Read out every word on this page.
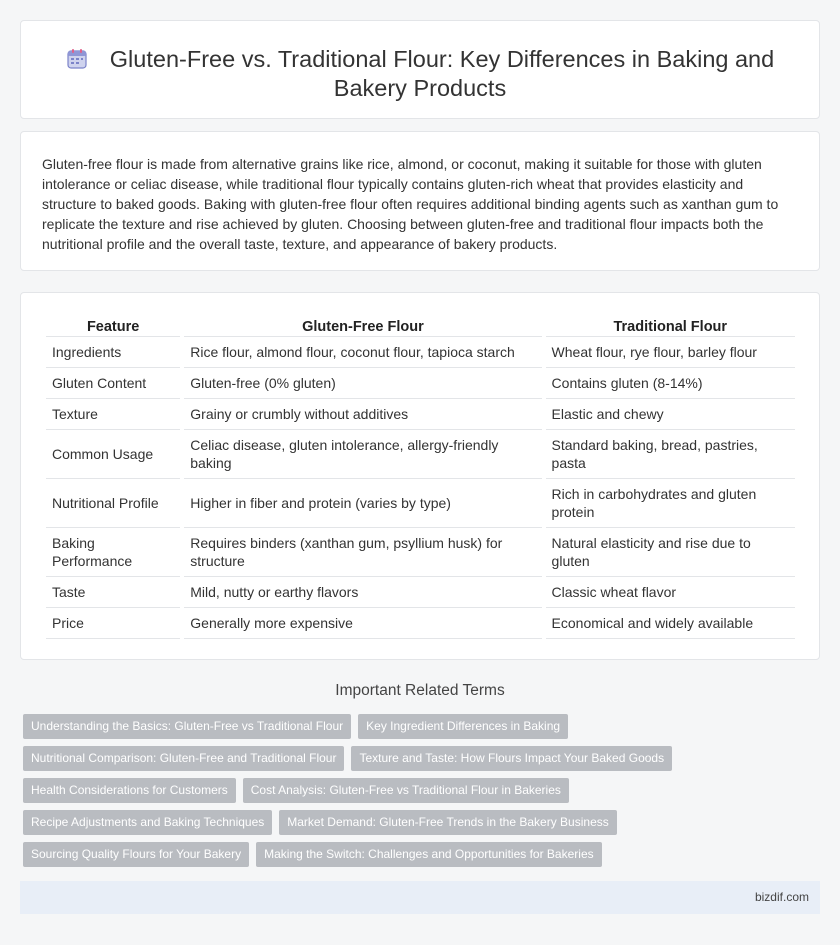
Gluten-Free vs. Traditional Flour: Key Differences in Baking and Bakery Products

Gluten-free flour is made from alternative grains like rice, almond, or coconut, making it suitable for those with gluten intolerance or celiac disease, while traditional flour typically contains gluten-rich wheat that provides elasticity and structure to baked goods. Baking with gluten-free flour often requires additional binding agents such as xanthan gum to replicate the texture and rise achieved by gluten. Choosing between gluten-free and traditional flour impacts both the nutritional profile and the overall taste, texture, and appearance of bakery products.

Feature	Gluten-Free Flour	Traditional Flour
Ingredients	Rice flour, almond flour, coconut flour, tapioca starch	Wheat flour, rye flour, barley flour
Gluten Content	Gluten-free (0% gluten)	Contains gluten (8-14%)
Texture	Grainy or crumbly without additives	Elastic and chewy
Common Usage	Celiac disease, gluten intolerance, allergy-friendly baking	Standard baking, bread, pastries, pasta
Nutritional Profile	Higher in fiber and protein (varies by type)	Rich in carbohydrates and gluten protein
Baking Performance	Requires binders (xanthan gum, psyllium husk) for structure	Natural elasticity and rise due to gluten
Taste	Mild, nutty or earthy flavors	Classic wheat flavor
Price	Generally more expensive	Economical and widely available
Important Related Terms
Understanding the Basics: Gluten-Free vs Traditional Flour	Key Ingredient Differences in Baking
Nutritional Comparison: Gluten-Free and Traditional Flour	Texture and Taste: How Flours Impact Your Baked Goods
Health Considerations for Customers	Cost Analysis: Gluten-Free vs Traditional Flour in Bakeries
Recipe Adjustments and Baking Techniques	Market Demand: Gluten-Free Trends in the Bakery Business
Sourcing Quality Flours for Your Bakery	Making the Switch: Challenges and Opportunities for Bakeries
bizdif.com
